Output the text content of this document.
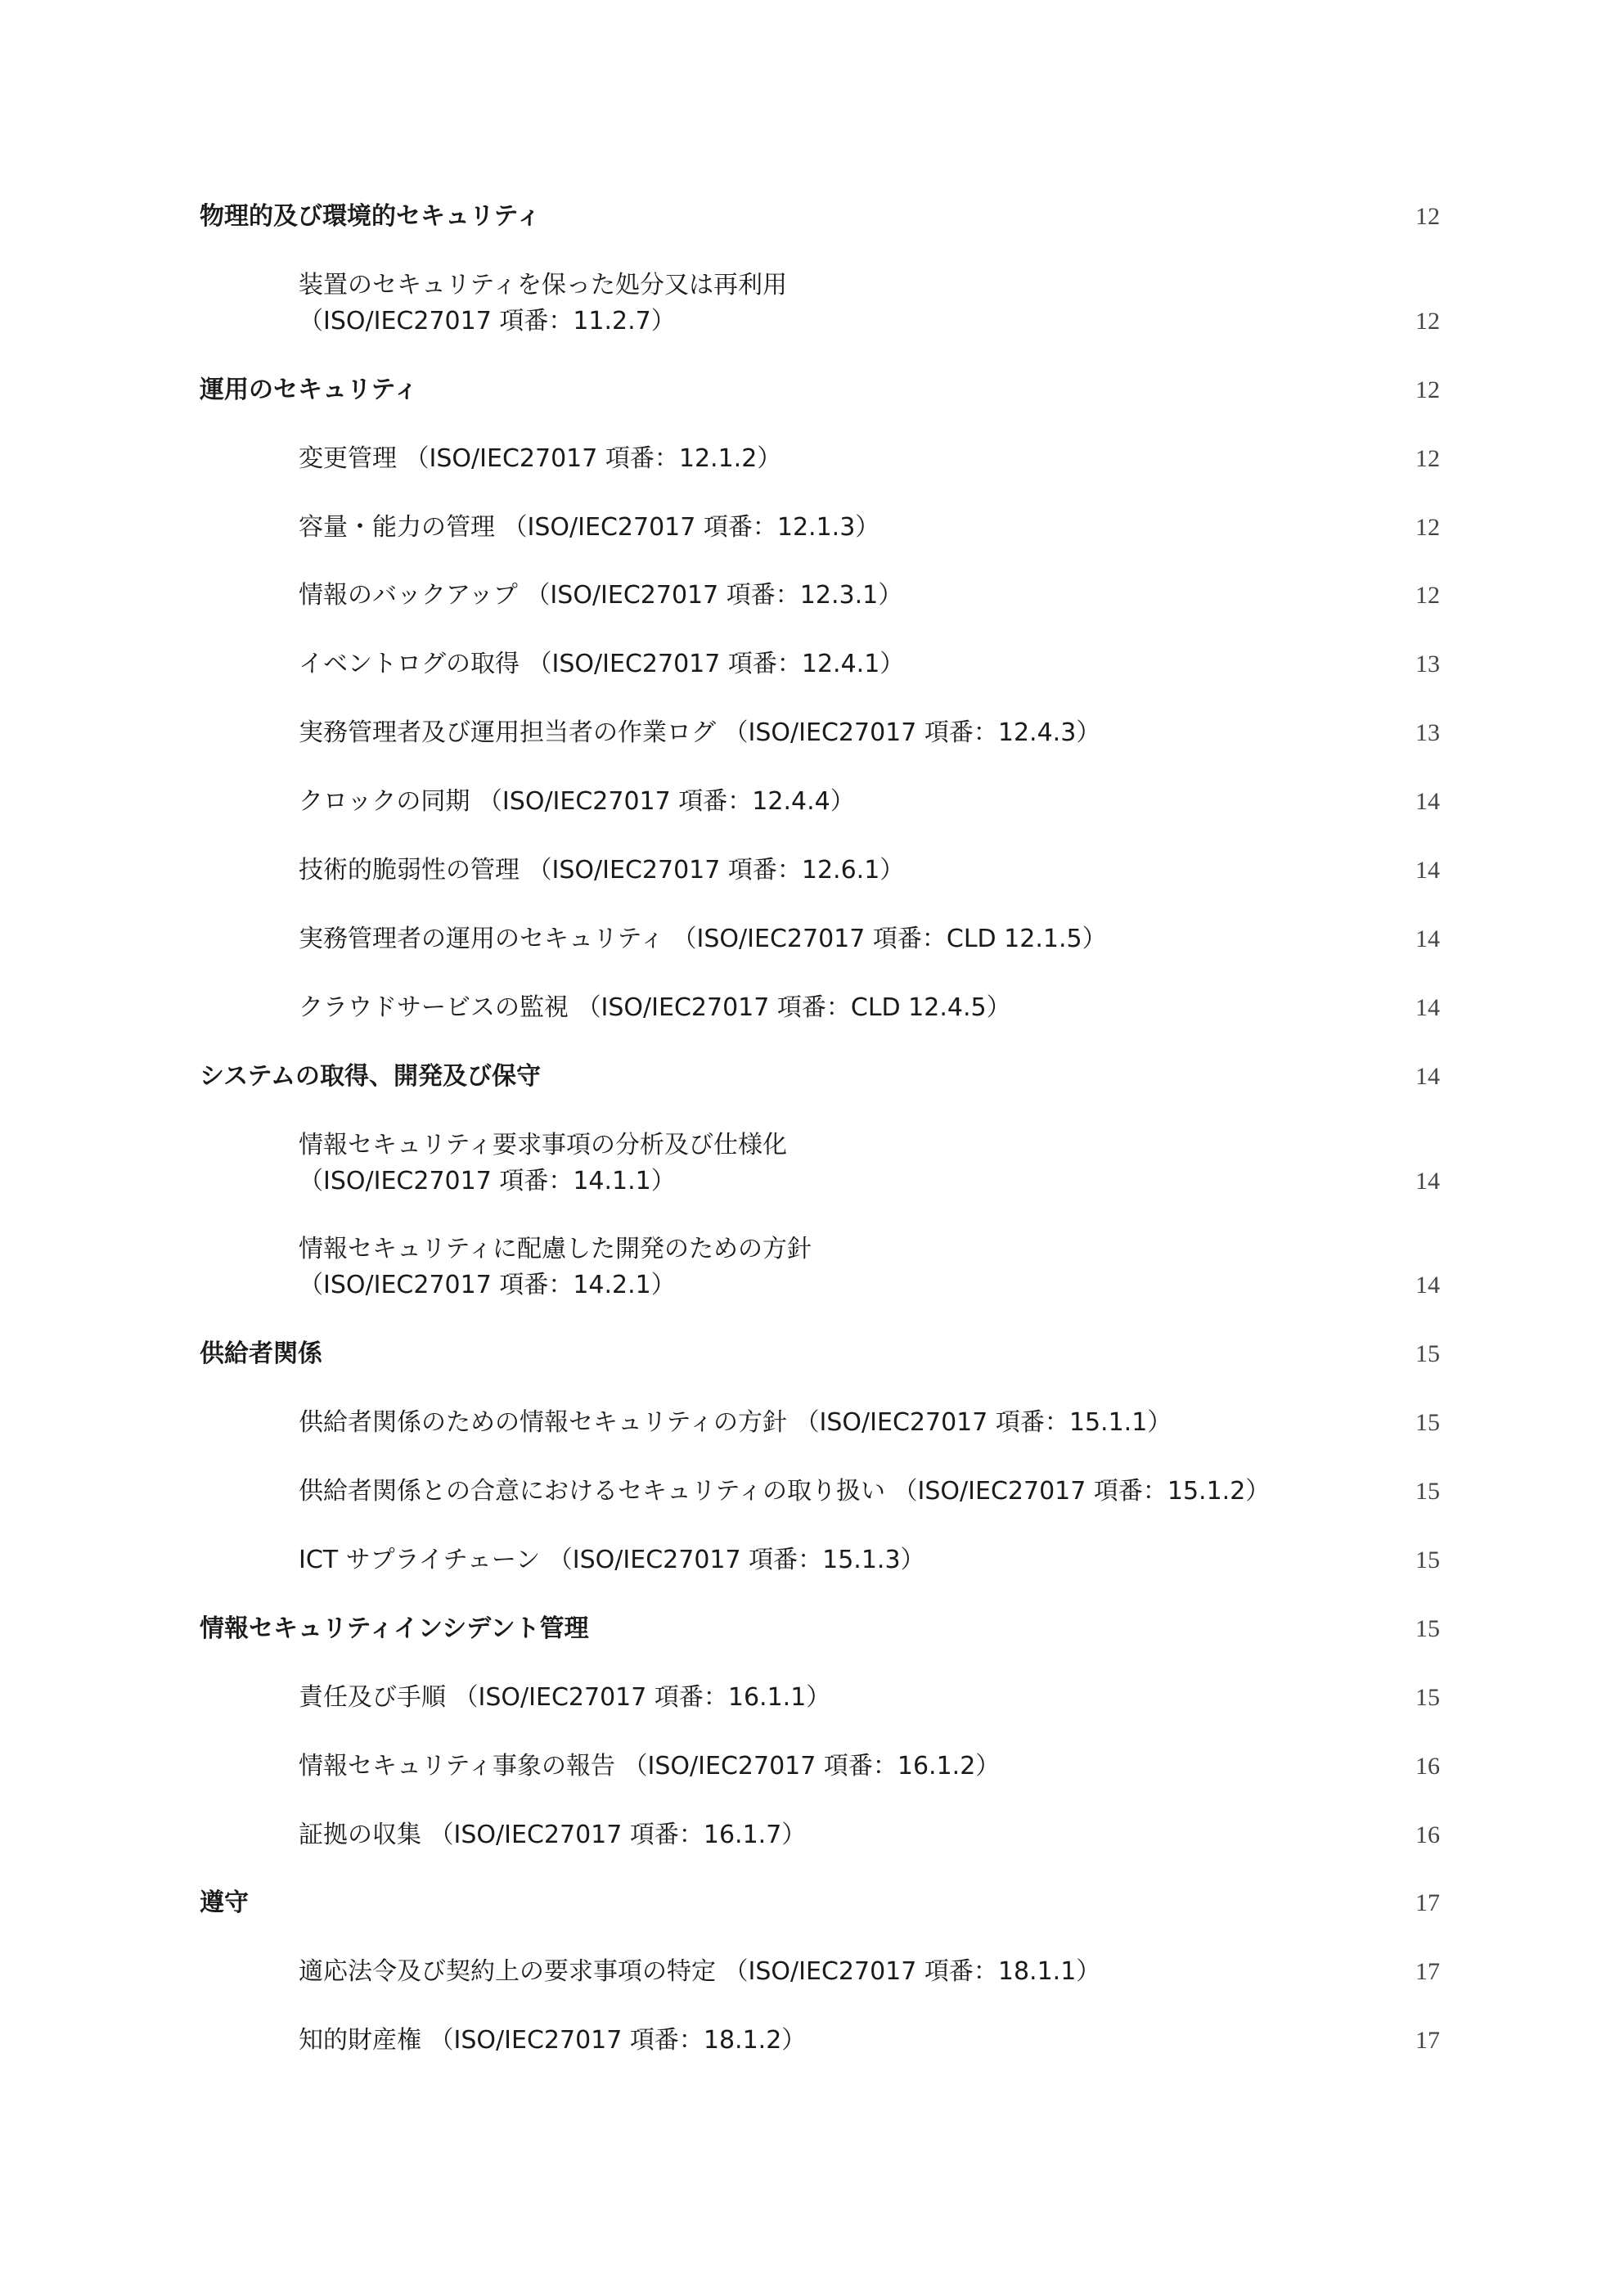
物理的及び環境的セキュリティ	12
装置のセキュリティを保った処分又は再利用
（ISO/IEC27017 項番：11.2.7）	12
運用のセキュリティ	12
変更管理 （ISO/IEC27017 項番：12.1.2）	12
容量・能力の管理 （ISO/IEC27017 項番：12.1.3）	12
情報のバックアップ （ISO/IEC27017 項番：12.3.1）	12
イベントログの取得 （ISO/IEC27017 項番：12.4.1）	13
実務管理者及び運用担当者の作業ログ （ISO/IEC27017 項番：12.4.3）	13
クロックの同期 （ISO/IEC27017 項番：12.4.4）	14
技術的脆弱性の管理 （ISO/IEC27017 項番：12.6.1）	14
実務管理者の運用のセキュリティ （ISO/IEC27017 項番：CLD 12.1.5）	14
クラウドサービスの監視 （ISO/IEC27017 項番：CLD 12.4.5）	14
システムの取得、開発及び保守	14
情報セキュリティ要求事項の分析及び仕様化
（ISO/IEC27017 項番：14.1.1）	14
情報セキュリティに配慮した開発のための方針
（ISO/IEC27017 項番：14.2.1）	14
供給者関係	15
供給者関係のための情報セキュリティの方針 （ISO/IEC27017 項番：15.1.1）	15
供給者関係との合意におけるセキュリティの取り扱い （ISO/IEC27017 項番：15.1.2）	15
ICT サプライチェーン （ISO/IEC27017 項番：15.1.3）	15
情報セキュリティインシデント管理	15
責任及び手順 （ISO/IEC27017 項番：16.1.1）	15
情報セキュリティ事象の報告 （ISO/IEC27017 項番：16.1.2）	16
証拠の収集 （ISO/IEC27017 項番：16.1.7）	16
遵守	17
適応法令及び契約上の要求事項の特定 （ISO/IEC27017 項番：18.1.1）	17
知的財産権 （ISO/IEC27017 項番：18.1.2）	17
